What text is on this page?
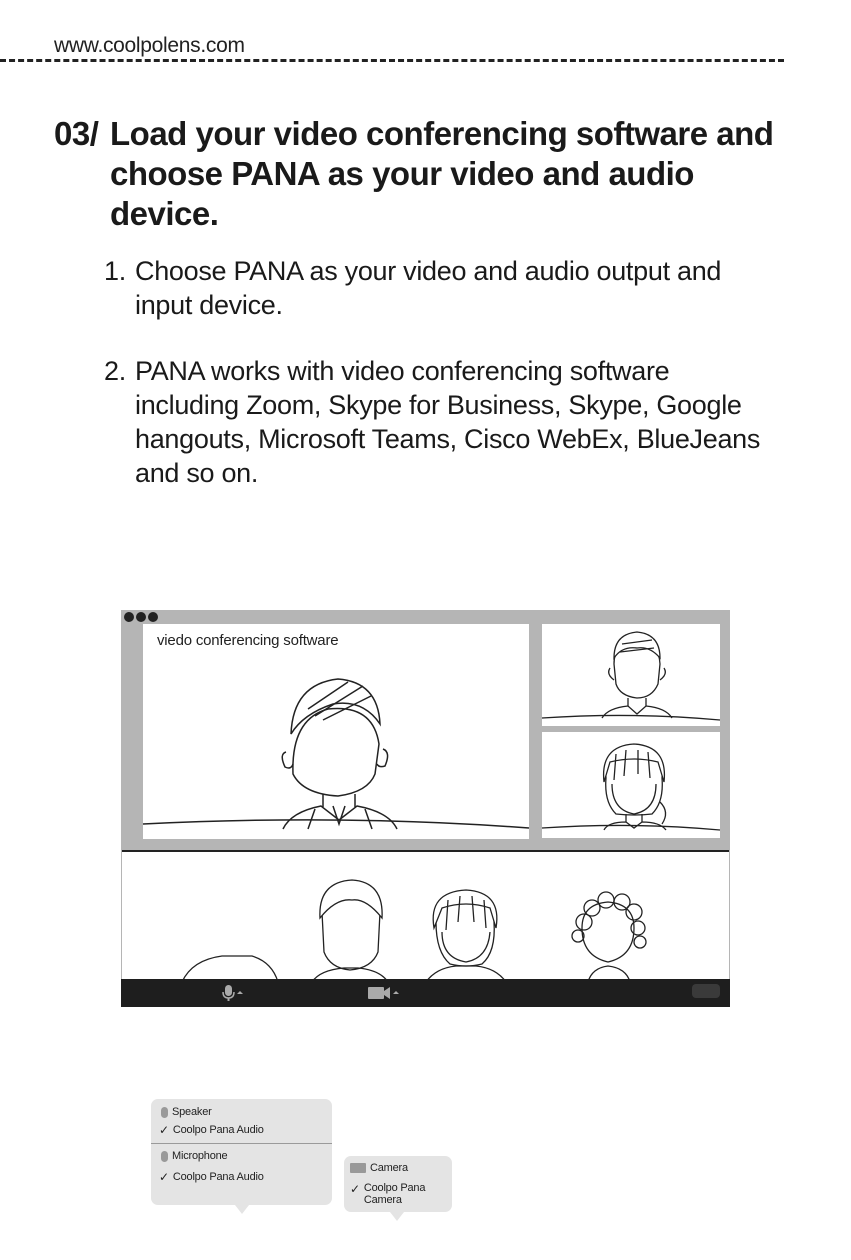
www.coolpolens.com
03/ Load your video conferencing software and choose PANA as your video and audio device.
1. Choose PANA as your video and audio output and input device.
2. PANA works with video conferencing software including Zoom, Skype for Business, Skype, Google hangouts, Microsoft Teams, Cisco WebEx, BlueJeans and so on.
viedo conferencing software
Speaker
✓ Coolpo Pana Audio
Microphone
✓ Coolpo Pana Audio
Camera
✓ Coolpo Pana Camera
